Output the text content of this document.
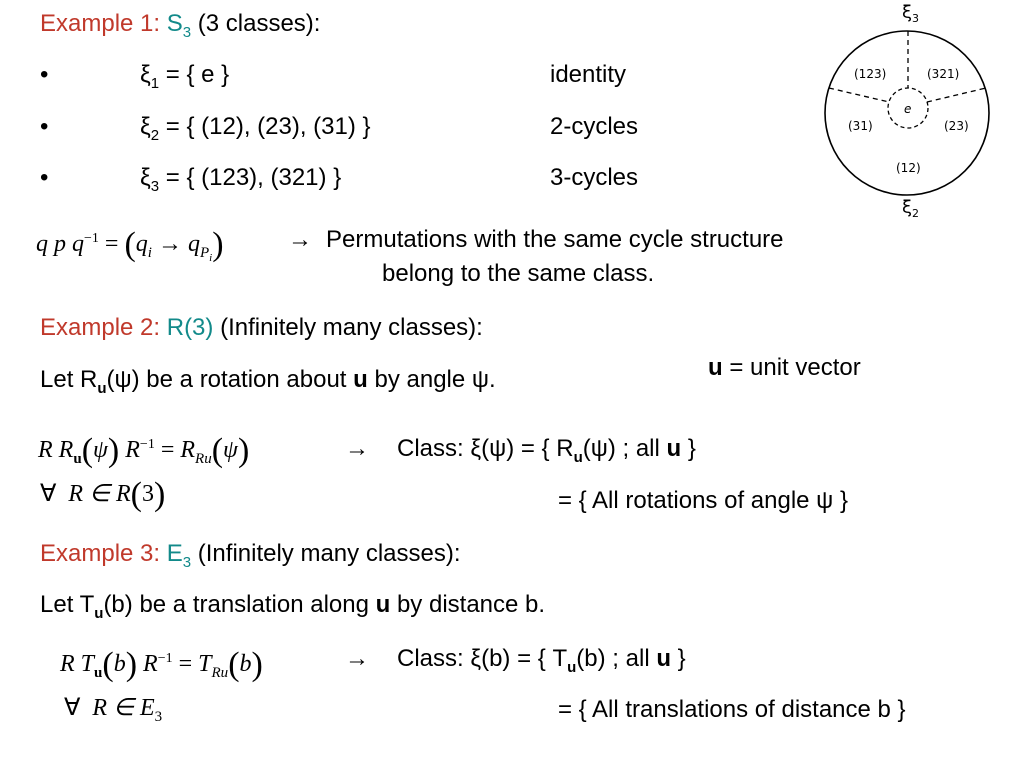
Example 1: $S_3$ (3 classes):
•	$\xi_1$ = { e }	identity
•	$\xi_2$ = { (12), (23), (31) }	2-cycles
•	$\xi_3$ = { (123), (321) }	3-cycles
q p $q^{-1} = (q_i \to q_{P_i})$	→ Permutations with the same cycle structure
belong to the same class.
Example 2: R(3) (Infinitely many classes):
Let $R_u(\psi)$ be a rotation about u by angle ψ.	u = unit vector
R $R_u(\psi) R^{-1} = R_{Ru}(\psi)$
∀ R ∈ R(3)
→ Class: ξ(ψ) = { $R_u(\psi)$ ; all u }
= { All rotations of angle ψ }
Example 3: $E_3$ (Infinitely many classes):
Let $T_u(b)$ be a translation along u by distance b.
R $T_u(b) R^{-1} = T_{Ru}(b)$
∀ R ∈ $E_3$
→ Class: ξ(b) = { $T_u(b)$ ; all u }
= { All translations of distance b }
$\xi_3$
(123)	(321)
(31)	(23)
(12)
e
$\xi_2$
